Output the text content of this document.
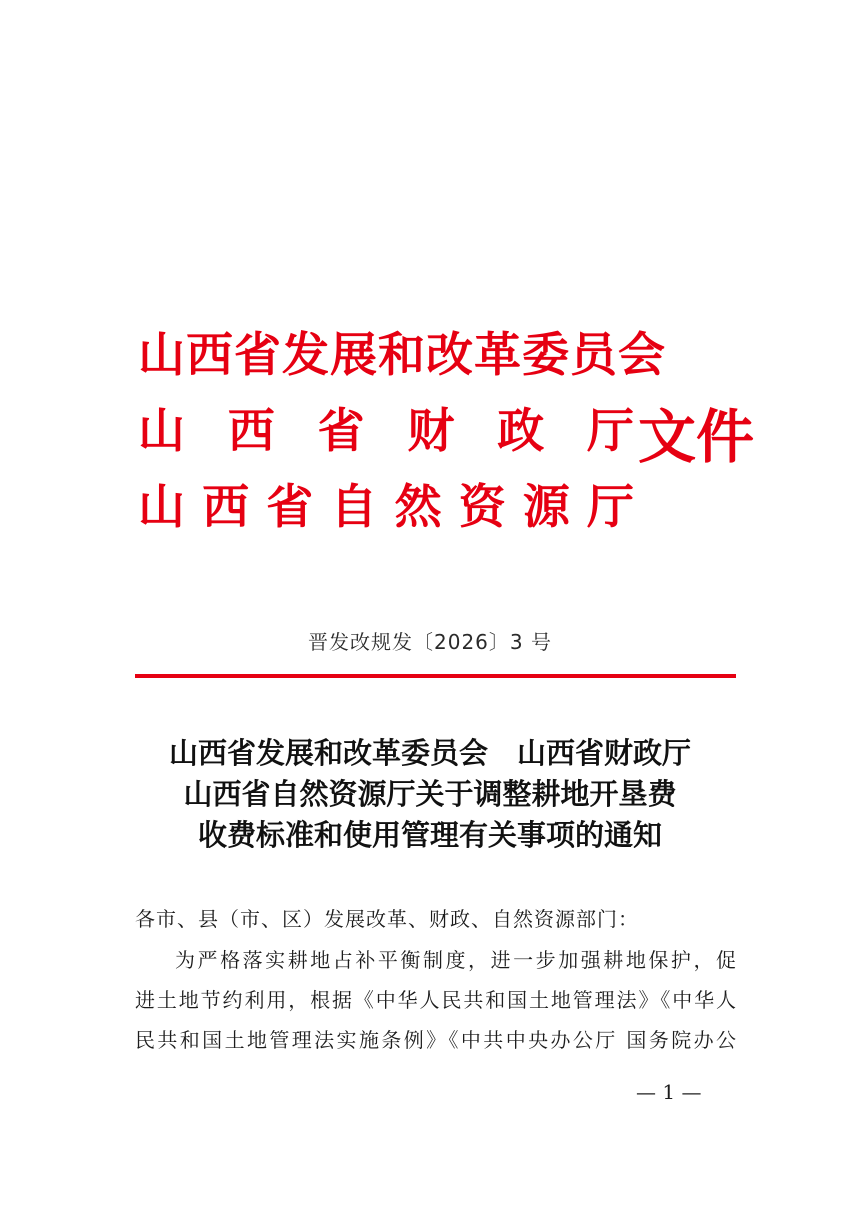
山西省发展和改革委员会
山 西 省 财 政 厅
山 西 省 自 然 资 源 厅
文件
晋发改规发〔2026〕3 号
山西省发展和改革委员会　山西省财政厅
山西省自然资源厅关于调整耕地开垦费
收费标准和使用管理有关事项的通知
各市、县（市、区）发展改革、财政、自然资源部门：
为严格落实耕地占补平衡制度，进一步加强耕地保护，促
进土地节约利用，根据《中华人民共和国土地管理法》《中华人
民共和国土地管理法实施条例》《中共中央办公厅 国务院办公
— 1 —
